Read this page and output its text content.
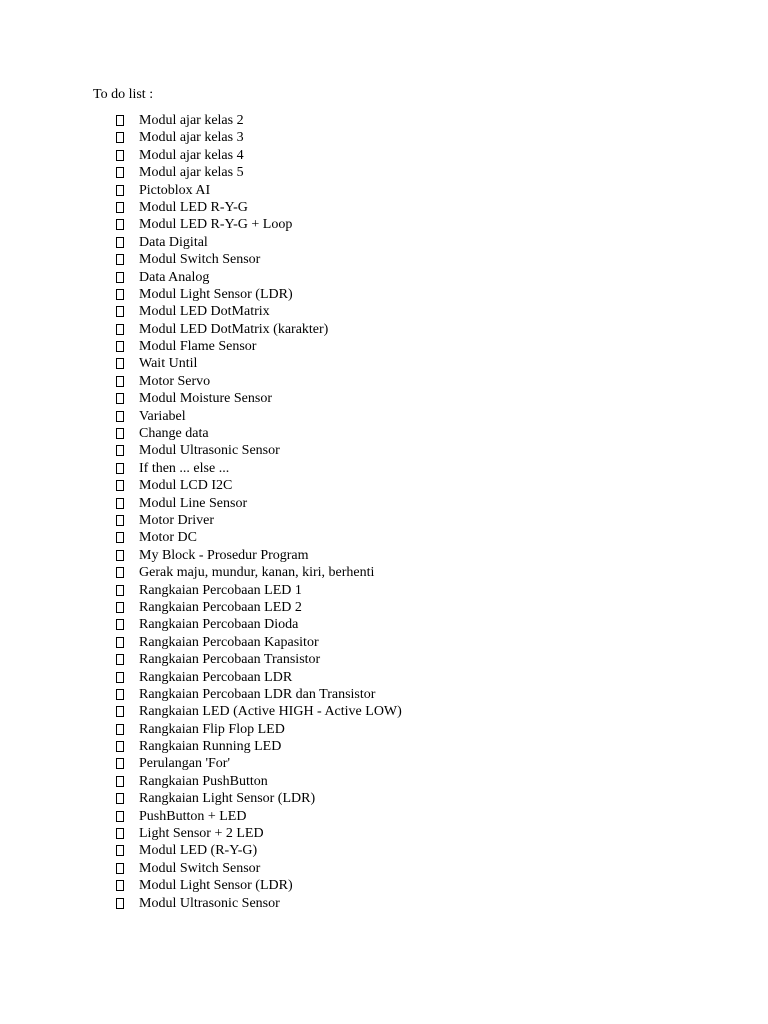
To do list :
Modul ajar kelas 2
Modul ajar kelas 3
Modul ajar kelas 4
Modul ajar kelas 5
Pictoblox AI
Modul LED R-Y-G
Modul LED R-Y-G + Loop
Data Digital
Modul Switch Sensor
Data Analog
Modul Light Sensor (LDR)
Modul LED DotMatrix
Modul LED DotMatrix (karakter)
Modul Flame Sensor
Wait Until
Motor Servo
Modul Moisture Sensor
Variabel
Change data
Modul Ultrasonic Sensor
If then ... else ...
Modul LCD I2C
Modul Line Sensor
Motor Driver
Motor DC
My Block - Prosedur Program
Gerak maju, mundur, kanan, kiri, berhenti
Rangkaian Percobaan LED 1
Rangkaian Percobaan LED 2
Rangkaian Percobaan Dioda
Rangkaian Percobaan Kapasitor
Rangkaian Percobaan Transistor
Rangkaian Percobaan LDR
Rangkaian Percobaan LDR dan Transistor
Rangkaian LED (Active HIGH - Active LOW)
Rangkaian Flip Flop LED
Rangkaian Running LED
Perulangan 'For'
Rangkaian PushButton
Rangkaian Light Sensor (LDR)
PushButton + LED
Light Sensor + 2 LED
Modul LED (R-Y-G)
Modul Switch Sensor
Modul Light Sensor (LDR)
Modul Ultrasonic Sensor
